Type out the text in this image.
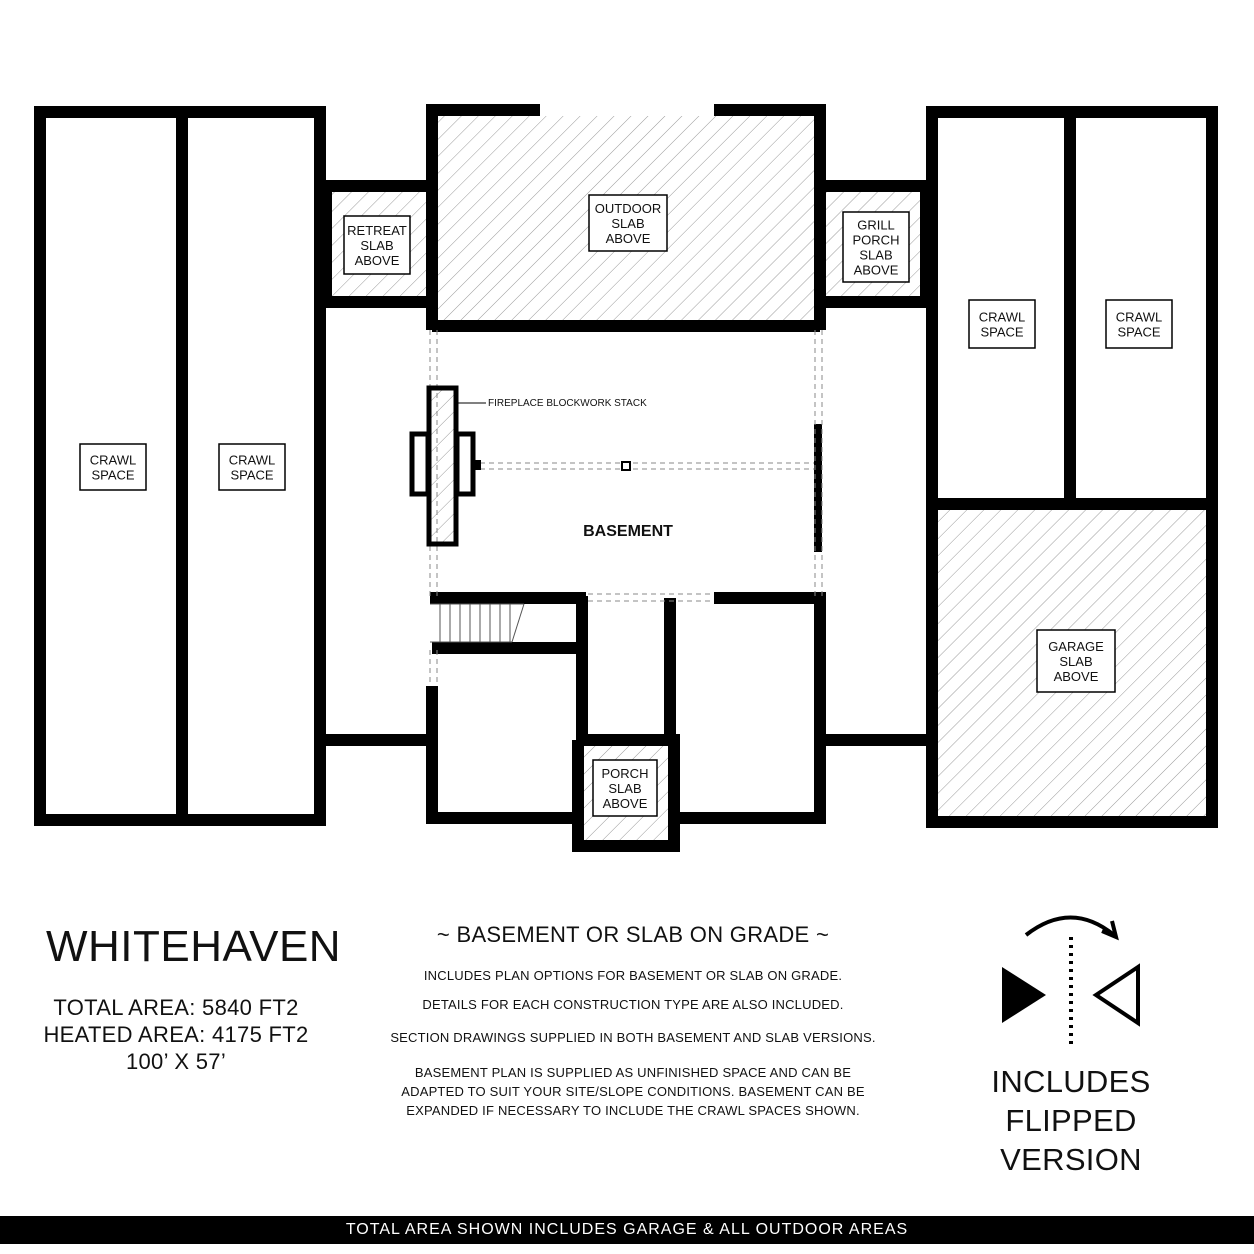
FIREPLACE BLOCKWORK STACK
CRAWL SPACE
CRAWL SPACE
RETREAT SLAB ABOVE
OUTDOOR SLAB ABOVE
GRILL PORCH SLAB ABOVE
CRAWL SPACE
CRAWL SPACE
GARAGE SLAB ABOVE
PORCH SLAB ABOVE
BASEMENT
WHITEHAVEN
TOTAL AREA: 5840 FT2
HEATED AREA: 4175 FT2
100’ X 57’
~ BASEMENT OR SLAB ON GRADE ~

INCLUDES PLAN OPTIONS FOR BASEMENT OR SLAB ON GRADE.

DETAILS FOR EACH CONSTRUCTION TYPE ARE ALSO INCLUDED.

SECTION DRAWINGS SUPPLIED IN BOTH BASEMENT AND SLAB VERSIONS.

BASEMENT PLAN IS SUPPLIED AS UNFINISHED SPACE AND CAN BE ADAPTED TO SUIT YOUR SITE/SLOPE CONDITIONS. BASEMENT CAN BE EXPANDED IF NECESSARY TO INCLUDE THE CRAWL SPACES SHOWN.

INCLUDES
FLIPPED
VERSION
TOTAL AREA SHOWN INCLUDES GARAGE & ALL OUTDOOR AREAS
